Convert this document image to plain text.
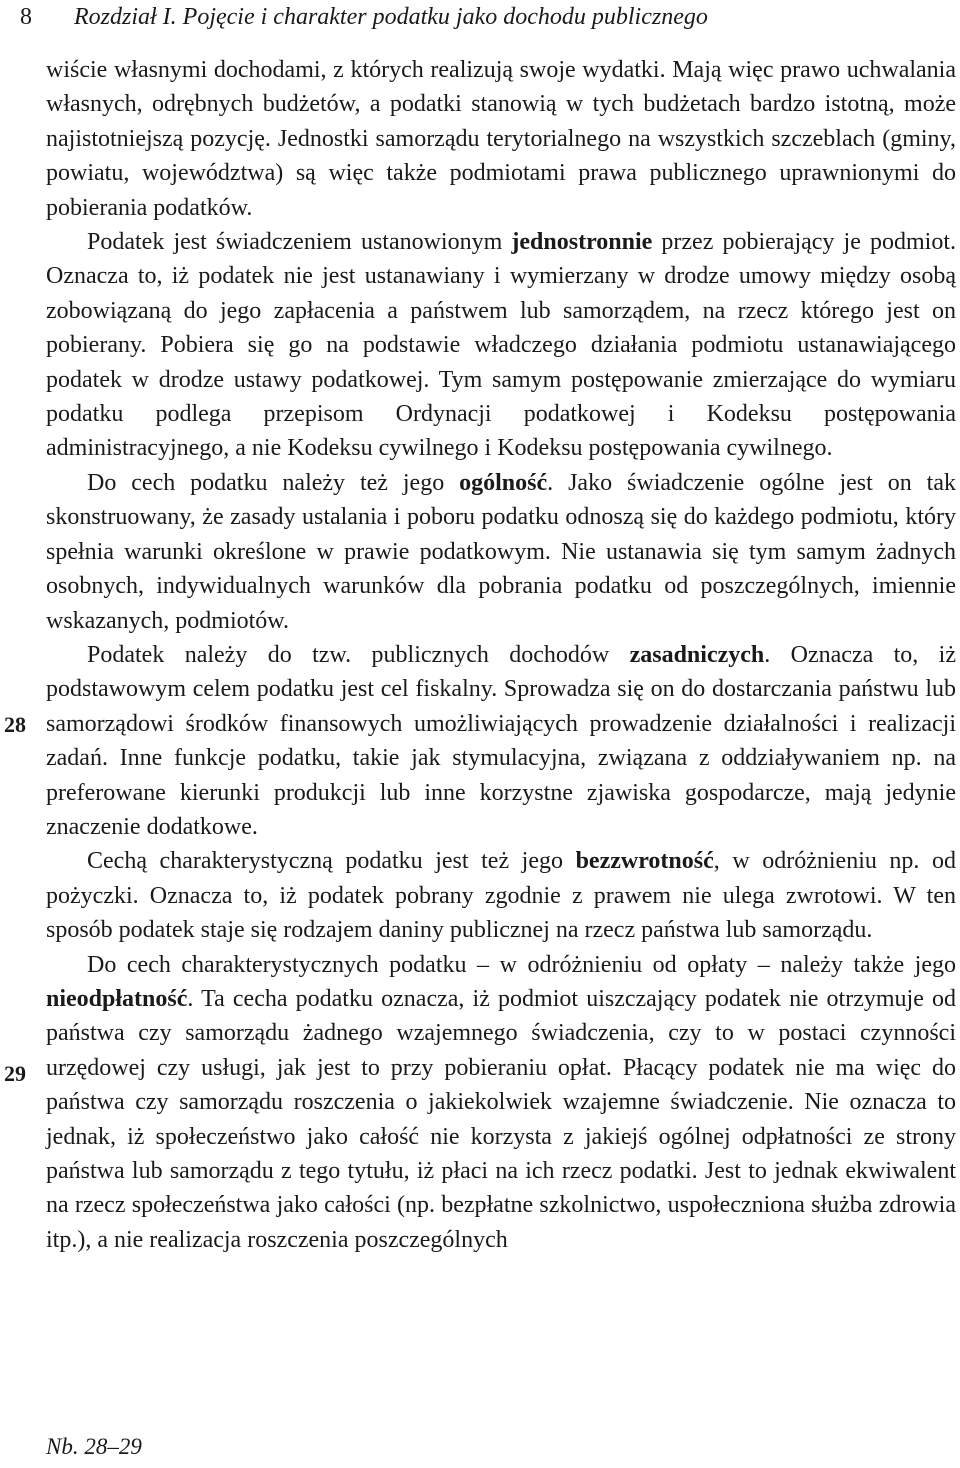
8 Rozdział I. Pojęcie i charakter podatku jako dochodu publicznego
28
29

wiście własnymi dochodami, z których realizują swoje wydatki. Mają więc prawo uchwalania własnych, odrębnych budżetów, a podatki stanowią w tych budżetach bardzo istotną, może najistotniejszą pozycję. Jednostki samorządu terytorialnego na wszystkich szczeblach (gminy, powiatu, województwa) są więc także podmiotami prawa publicznego uprawnionymi do pobierania podatków.

Podatek jest świadczeniem ustanowionym jednostronnie przez pobierający je podmiot. Oznacza to, iż podatek nie jest ustanawiany i wymierzany w drodze umowy między osobą zobowiązaną do jego zapłacenia a państwem lub samorządem, na rzecz którego jest on pobierany. Pobiera się go na podstawie władczego działania podmiotu ustanawiającego podatek w drodze ustawy podatkowej. Tym samym postępowanie zmierzające do wymiaru podatku podlega przepisom Ordynacji podatkowej i Kodeksu postępowania administracyjnego, a nie Kodeksu cywilnego i Kodeksu postępowania cywilnego.

Do cech podatku należy też jego ogólność. Jako świadczenie ogólne jest on tak skonstruowany, że zasady ustalania i poboru podatku odnoszą się do każdego podmiotu, który spełnia warunki określone w prawie podatkowym. Nie ustanawia się tym samym żadnych osobnych, indywidualnych warunków dla pobrania podatku od poszczególnych, imiennie wskazanych, podmiotów.

Podatek należy do tzw. publicznych dochodów zasadniczych. Oznacza to, iż podstawowym celem podatku jest cel fiskalny. Sprowadza się on do dostarczania państwu lub samorządowi środków finansowych umożliwiających prowadzenie działalności i realizacji zadań. Inne funkcje podatku, takie jak stymulacyjna, związana z oddziaływaniem np. na preferowane kierunki produkcji lub inne korzystne zjawiska gospodarcze, mają jedynie znaczenie dodatkowe.

Cechą charakterystyczną podatku jest też jego bezzwrotność, w odróżnieniu np. od pożyczki. Oznacza to, iż podatek pobrany zgodnie z prawem nie ulega zwrotowi. W ten sposób podatek staje się rodzajem daniny publicznej na rzecz państwa lub samorządu.

Do cech charakterystycznych podatku – w odróżnieniu od opłaty – należy także jego nieodpłatność. Ta cecha podatku oznacza, iż podmiot uiszczający podatek nie otrzymuje od państwa czy samorządu żadnego wzajemnego świadczenia, czy to w postaci czynności urzędowej czy usługi, jak jest to przy pobieraniu opłat. Płacący podatek nie ma więc do państwa czy samorządu roszczenia o jakiekolwiek wzajemne świadczenie. Nie oznacza to jednak, iż społeczeństwo jako całość nie korzysta z jakiejś ogólnej odpłatności ze strony państwa lub samorządu z tego tytułu, iż płaci na ich rzecz podatki. Jest to jednak ekwiwalent na rzecz społeczeństwa jako całości (np. bezpłatne szkolnictwo, uspołeczniona służba zdrowia itp.), a nie realizacja roszczenia poszczególnych

Nb. 28–29
